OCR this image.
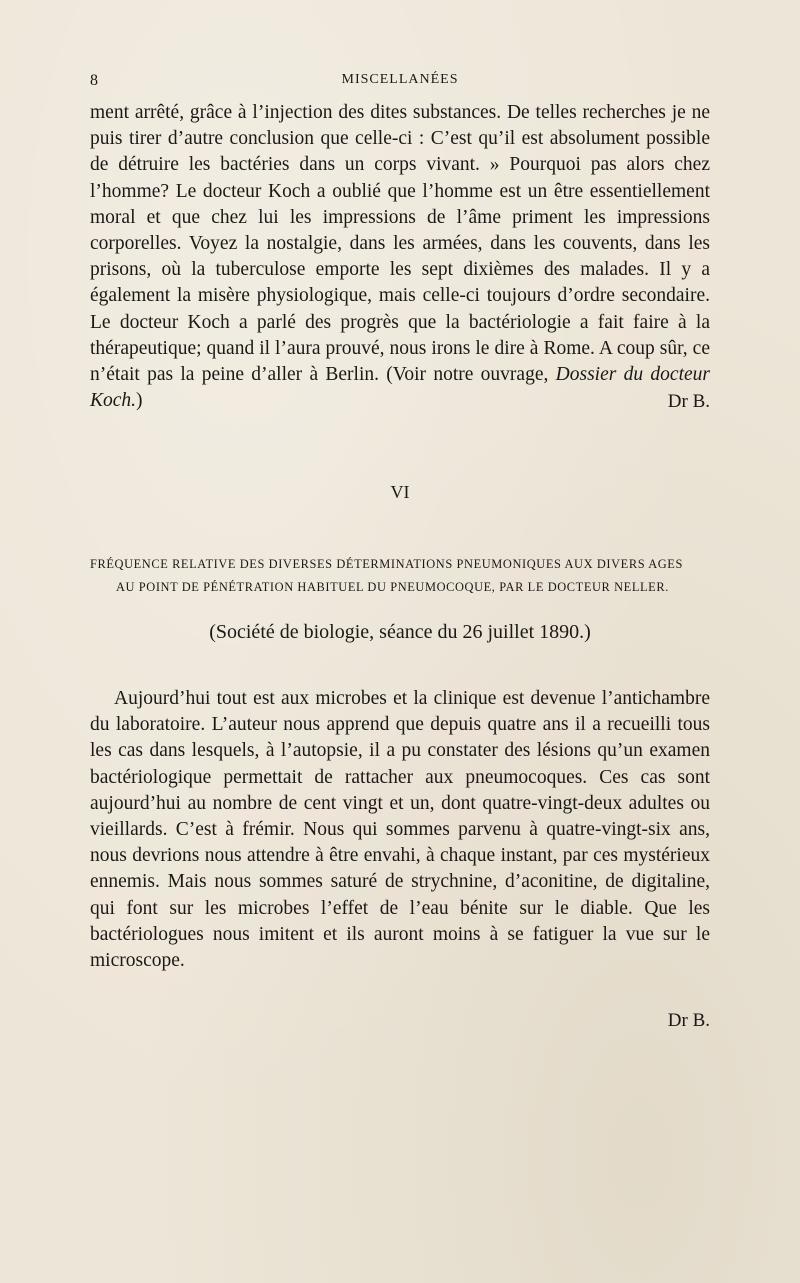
8	MISCELLANÉES

ment arrêté, grâce à l’injection des dites substances. De telles recherches je ne puis tirer d’autre conclusion que celle-ci : C’est qu’il est absolument possible de détruire les bactéries dans un corps vivant. » Pourquoi pas alors chez l’homme? Le docteur Koch a oublié que l’homme est un être essentiellement moral et que chez lui les impressions de l’âme priment les impressions corporelles. Voyez la nostalgie, dans les armées, dans les couvents, dans les prisons, où la tuberculose emporte les sept dixièmes des malades. Il y a également la misère physiologique, mais celle-ci toujours d’ordre secondaire. Le docteur Koch a parlé des progrès que la bactériologie a fait faire à la thérapeutique; quand il l’aura prouvé, nous irons le dire à Rome. A coup sûr, ce n’était pas la peine d’aller à Berlin. (Voir notre ouvrage, Dossier du docteur Koch.)	Dr B.
VI
FRÉQUENCE RELATIVE DES DIVERSES DÉTERMINATIONS PNEUMONIQUES AUX DIVERS AGES
AU POINT DE PÉNÉTRATION HABITUEL DU PNEUMOCOQUE, PAR LE DOCTEUR NELLER.
(Société de biologie, séance du 26 juillet 1890.)

Aujourd’hui tout est aux microbes et la clinique est devenue l’antichambre du laboratoire. L’auteur nous apprend que depuis quatre ans il a recueilli tous les cas dans lesquels, à l’autopsie, il a pu constater des lésions qu’un examen bactériologique permettait de rattacher aux pneumocoques. Ces cas sont aujourd’hui au nombre de cent vingt et un, dont quatre-vingt-deux adultes ou vieillards. C’est à frémir. Nous qui sommes parvenu à quatre-vingt-six ans, nous devrions nous attendre à être envahi, à chaque instant, par ces mystérieux ennemis. Mais nous sommes saturé de strychnine, d’aconitine, de digitaline, qui font sur les microbes l’effet de l’eau bénite sur le diable. Que les bactériologues nous imitent et ils auront moins à se fatiguer la vue sur le microscope.

Dr B.
